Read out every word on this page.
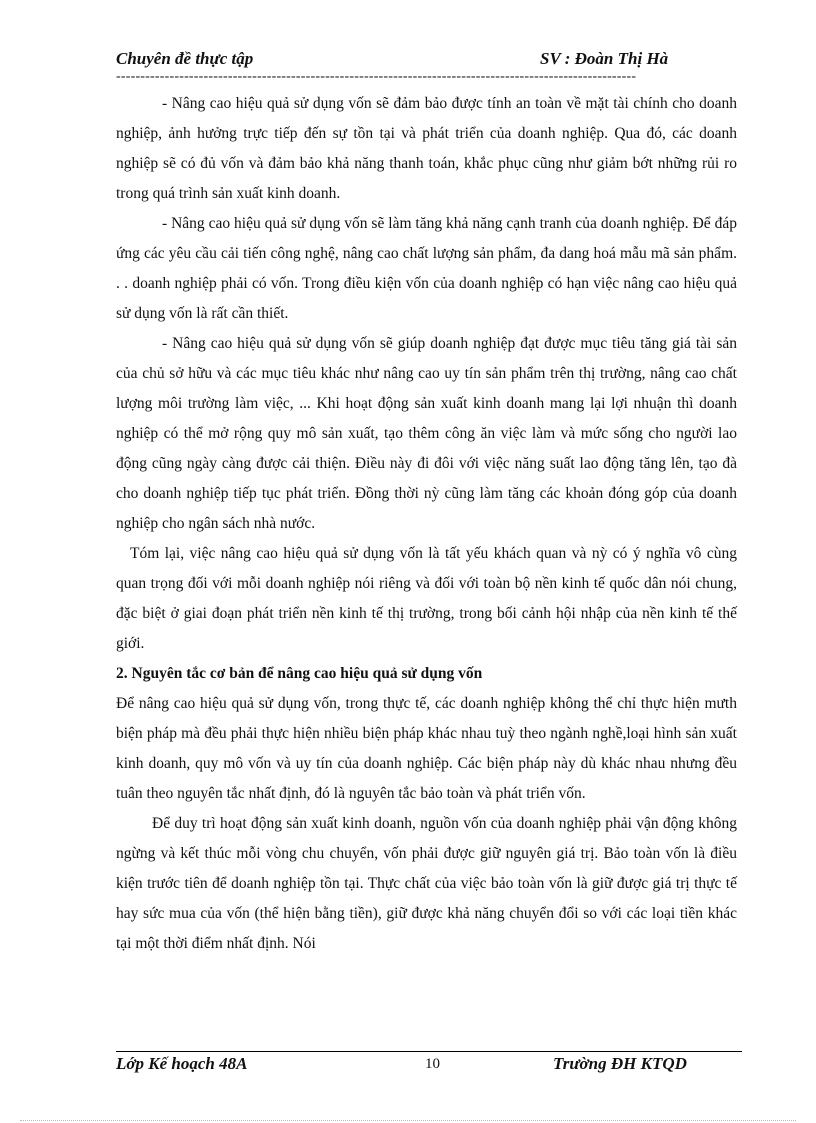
Chuyên đề thực tập	SV : Đoàn Thị Hà
-----------------------------------------------------------------------------------------------------------

- Nâng cao hiệu quả sử dụng vốn sẽ đảm bảo được tính an toàn về mặt tài chính cho doanh nghiệp, ảnh hưởng trực tiếp đến sự tồn tại và phát triển của doanh nghiệp. Qua đó, các doanh nghiệp sẽ có đủ vốn và đảm bảo khả năng thanh toán, khắc phục cũng như giảm bớt những rủi ro trong quá trình sản xuất kinh doanh.

- Nâng cao hiệu quả sử dụng vốn sẽ làm tăng khả năng cạnh tranh của doanh nghiệp. Để đáp ứng các yêu cầu cải tiến công nghệ, nâng cao chất lượng sản phẩm, đa dang hoá mẫu mã sản phẩm. . . doanh nghiệp phải có vốn. Trong điều kiện vốn của doanh nghiệp có hạn việc nâng cao hiệu quả sử dụng vốn là rất cần thiết.

- Nâng cao hiệu quả sử dụng vốn sẽ giúp doanh nghiệp đạt được mục tiêu tăng giá tài sản của chủ sở hữu và các mục tiêu khác như nâng cao uy tín sản phẩm trên thị trường, nâng cao chất lượng môi trường làm việc, ... Khi hoạt động sản xuất kinh doanh mang lại lợi nhuận thì doanh nghiệp có thể mở rộng quy mô sản xuất, tạo thêm công ăn việc làm và mức sống cho người lao động cũng ngày càng được cải thiện. Điều này đi đôi với việc năng suất lao động tăng lên, tạo đà cho doanh nghiệp tiếp tục phát triển. Đồng thời nỳ cũng làm tăng các khoản đóng góp của doanh nghiệp cho ngân sách nhà nước.

Tóm lại, việc nâng cao hiệu quả sử dụng vốn là tất yếu khách quan và nỳ có ý nghĩa vô cùng quan trọng đối với mỗi doanh nghiệp nói riêng và đối với toàn bộ nền kinh tế quốc dân nói chung, đặc biệt ở giai đoạn phát triển nền kinh tế thị trường, trong bối cảnh hội nhập của nền kinh tế thế giới.

2. Nguyên tắc cơ bản để nâng cao hiệu quả sử dụng vốn

Để nâng cao hiệu quả sử dụng vốn, trong thực tế, các doanh nghiệp không thể chỉ thực hiện mưth biện pháp mà đều phải thực hiện nhiều biện pháp khác nhau tuỳ theo ngành nghề,loại hình sản xuất kinh doanh, quy mô vốn và uy tín của doanh nghiệp. Các biện pháp này dù khác nhau nhưng đều tuân theo nguyên tắc nhất định, đó là nguyên tắc bảo toàn và phát triển vốn.

Để duy trì hoạt động sản xuất kinh doanh, nguồn vốn của doanh nghiệp phải vận động không ngừng và kết thúc mỗi vòng chu chuyển, vốn phải được giữ nguyên giá trị. Bảo toàn vốn là điều kiện trước tiên để doanh nghiệp tồn tại. Thực chất của việc bảo toàn vốn là giữ được giá trị thực tế hay sức mua của vốn (thể hiện bằng tiền), giữ được khả năng chuyển đổi so với các loại tiền khác tại một thời điểm nhất định. Nói

Lớp Kế hoạch 48A	10	Trường ĐH KTQD
